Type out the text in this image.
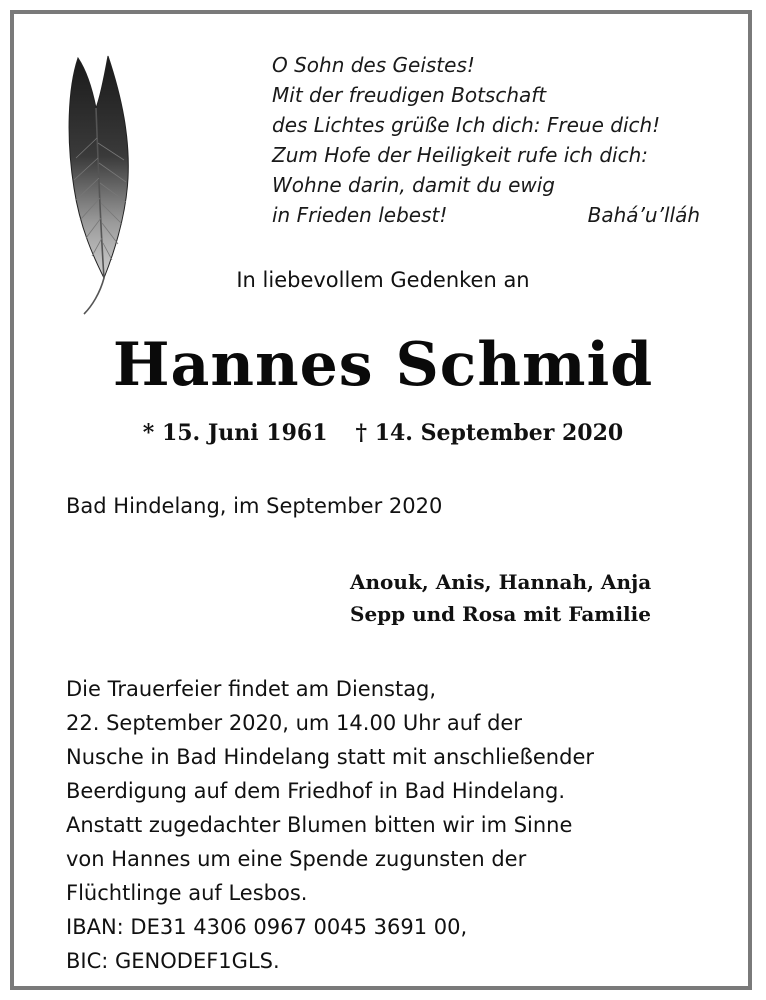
O Sohn des Geistes!
Mit der freudigen Botschaft
des Lichtes grüße Ich dich: Freue dich!
Zum Hofe der Heiligkeit rufe ich dich:
Wohne darin, damit du ewig
in Frieden lebest!	Bahá’u’lláh
In liebevollem Gedenken an
Hannes Schmid
* 15. Juni 1961 † 14. September 2020
Bad Hindelang, im September 2020
Anouk, Anis, Hannah, Anja
Sepp und Rosa mit Familie
Die Trauerfeier findet am Dienstag,
22. September 2020, um 14.00 Uhr auf der
Nusche in Bad Hindelang statt mit anschließender
Beerdigung auf dem Friedhof in Bad Hindelang.
Anstatt zugedachter Blumen bitten wir im Sinne
von Hannes um eine Spende zugunsten der
Flüchtlinge auf Lesbos.
IBAN: DE31 4306 0967 0045 3691 00,
BIC: GENODEF1GLS.
